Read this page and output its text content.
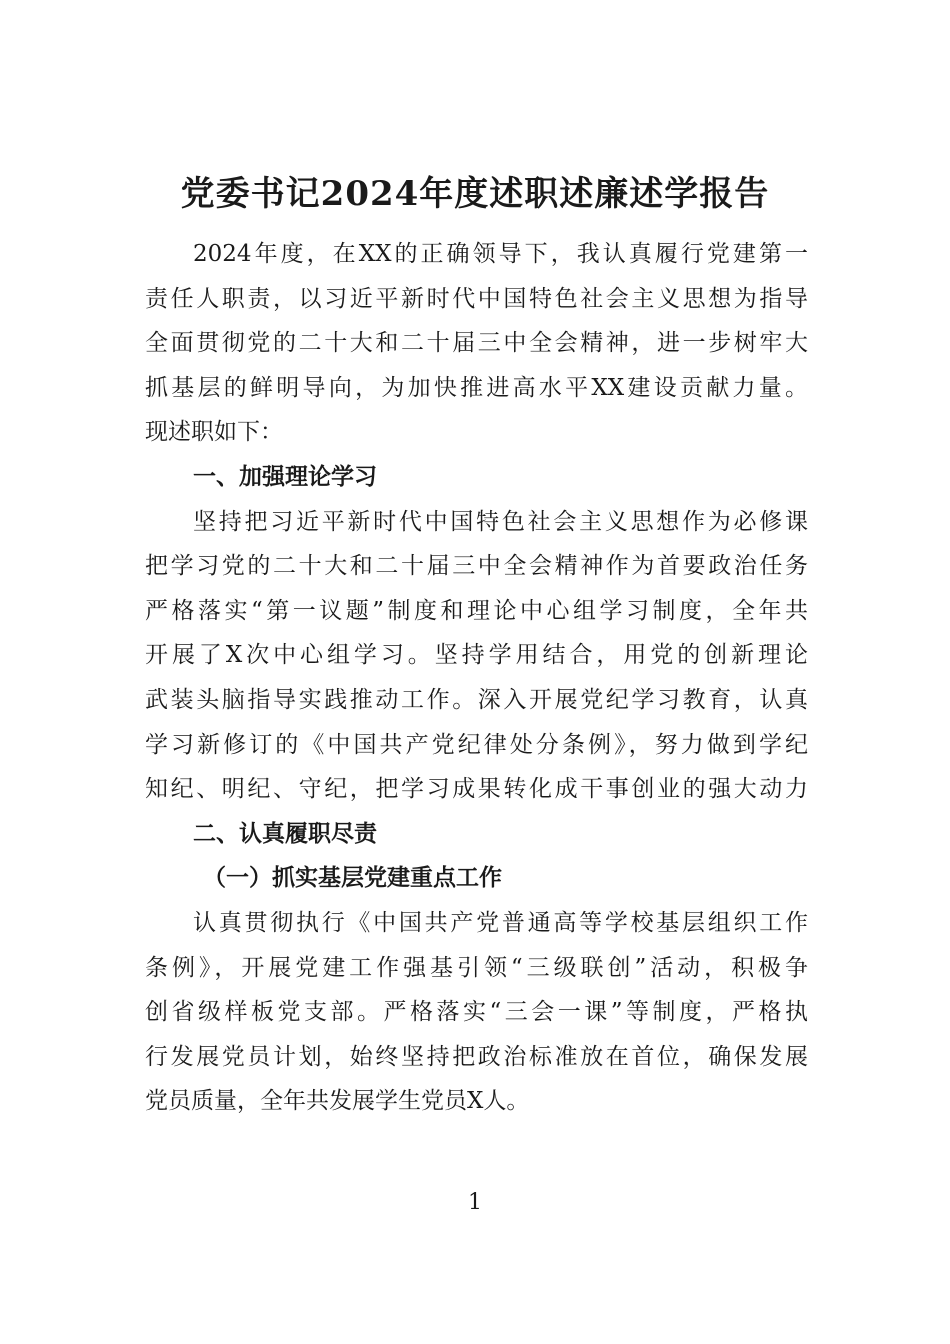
党委书记2024年度述职述廉述学报告
2024年度，在XX的正确领导下，我认真履行党建第一
责任人职责，以习近平新时代中国特色社会主义思想为指导
全面贯彻党的二十大和二十届三中全会精神，进一步树牢大
抓基层的鲜明导向，为加快推进高水平XX建设贡献力量。
现述职如下：
一、加强理论学习
坚持把习近平新时代中国特色社会主义思想作为必修课
把学习党的二十大和二十届三中全会精神作为首要政治任务
严格落实“第一议题”制度和理论中心组学习制度，全年共
开展了X次中心组学习。坚持学用结合，用党的创新理论
武装头脑指导实践推动工作。深入开展党纪学习教育，认真
学习新修订的《中国共产党纪律处分条例》，努力做到学纪
知纪、明纪、守纪，把学习成果转化成干事创业的强大动力
二、认真履职尽责
（一）抓实基层党建重点工作
认真贯彻执行《中国共产党普通高等学校基层组织工作
条例》，开展党建工作强基引领“三级联创”活动，积极争
创省级样板党支部。严格落实“三会一课”等制度，严格执
行发展党员计划，始终坚持把政治标准放在首位，确保发展
党员质量，全年共发展学生党员X人。
1
